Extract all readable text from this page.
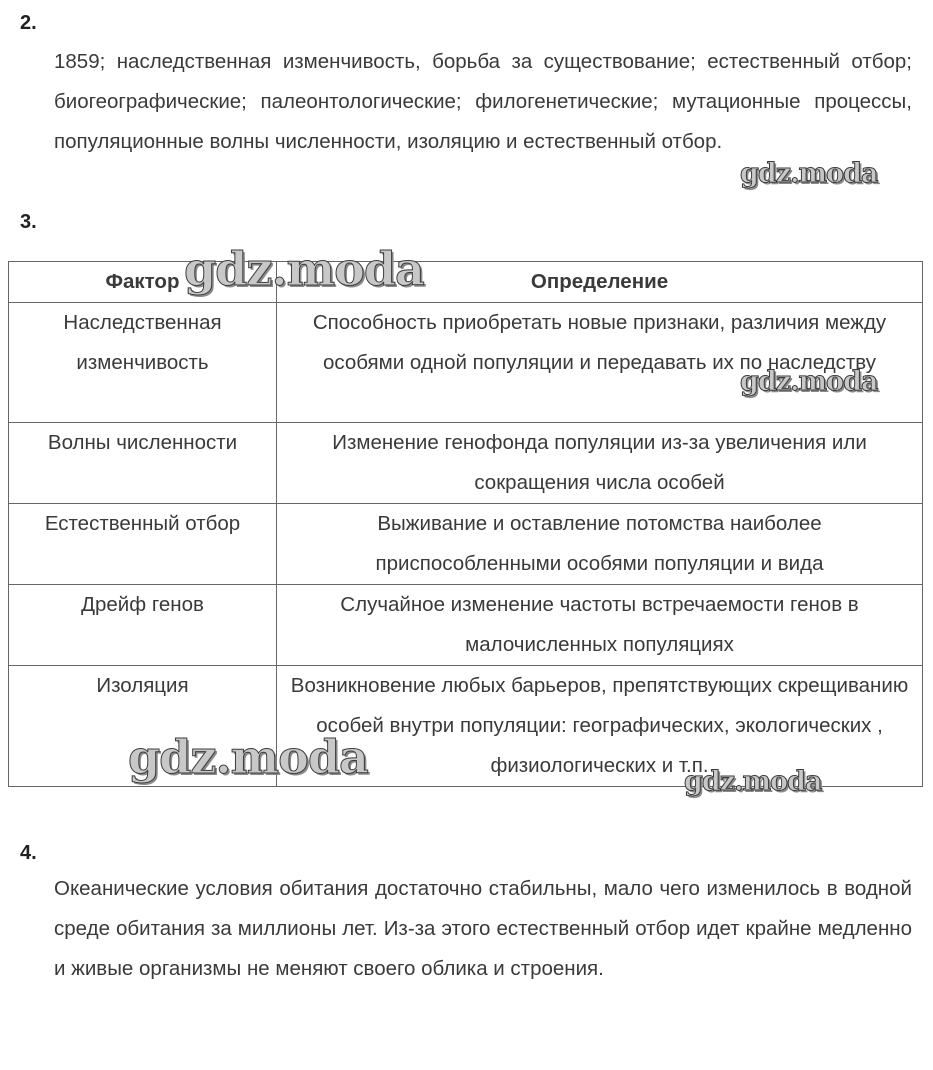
2.
1859; наследственная изменчивость, борьба за существование; естественный отбор; биогеографические; палеонтологические; филогенетические; мутационные процессы, популяционные волны численности, изоляцию и естественный отбор.
3.
Фактор	Определение
Наследственная изменчивость	Способность приобретать новые признаки, различия между особями одной популяции и передавать их по наследству
Волны численности	Изменение генофонда популяции из-за увеличения или сокращения числа особей
Естественный отбор	Выживание и оставление потомства наиболее приспособленными особями популяции и вида
Дрейф генов	Случайное изменение частоты встречаемости генов в малочисленных популяциях
Изоляция	Возникновение любых барьеров, препятствующих скрещиванию особей внутри популяции: географических, экологических , физиологических и т.п.
4.
Океанические условия обитания достаточно стабильны, мало чего изменилось в водной среде обитания за миллионы лет. Из-за этого естественный отбор идет крайне медленно и живые организмы не меняют своего облика и строения.
gdz.moda
gdz.moda
gdz.moda
gdz.moda	gdz.moda
